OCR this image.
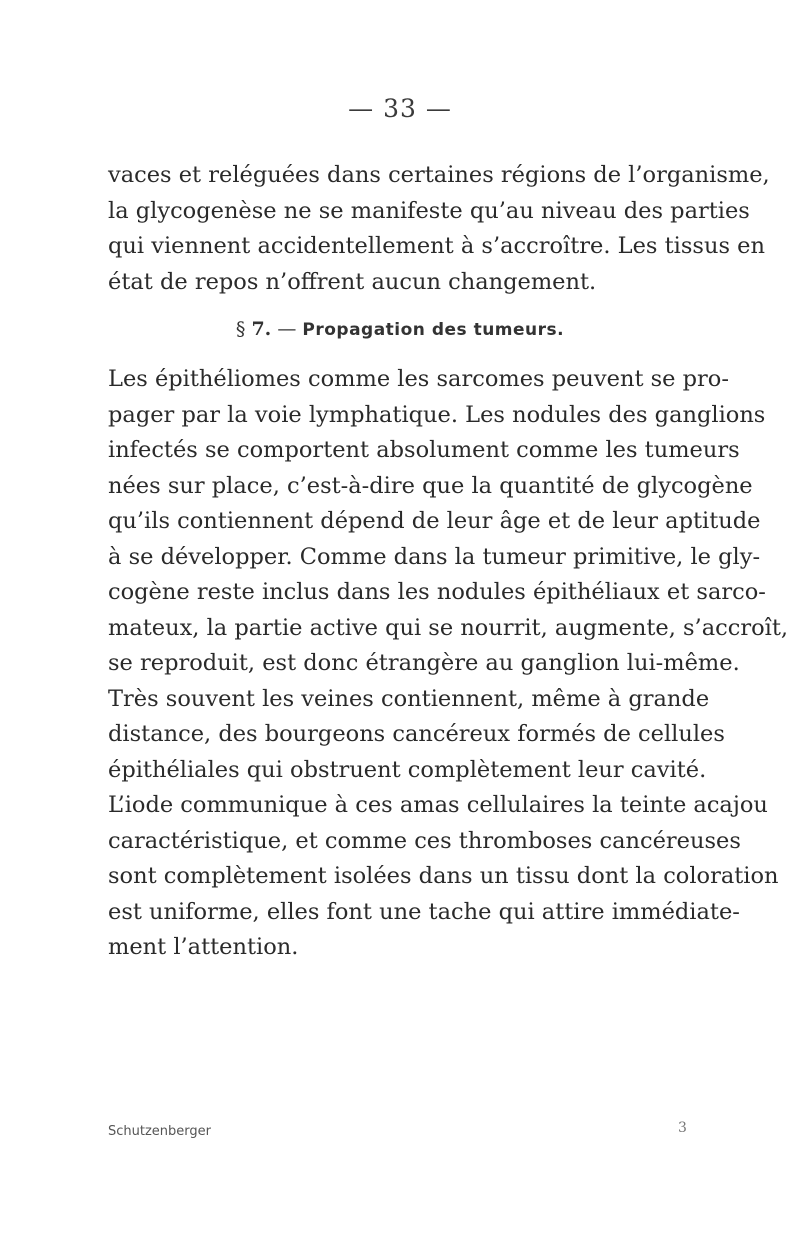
— 33 —
vaces et reléguées dans certaines régions de l’organisme,
la glycogenèse ne se manifeste qu’au niveau des parties
qui viennent accidentellement à s’accroître. Les tissus en
état de repos n’offrent aucun changement.
§ 7. — Propagation des tumeurs.
Les épithéliomes comme les sarcomes peuvent se pro-
pager par la voie lymphatique. Les nodules des ganglions
infectés se comportent absolument comme les tumeurs
nées sur place, c’est-à-dire que la quantité de glycogène
qu’ils contiennent dépend de leur âge et de leur aptitude
à se développer. Comme dans la tumeur primitive, le gly-
cogène reste inclus dans les nodules épithéliaux et sarco-
mateux, la partie active qui se nourrit, augmente, s’accroît,
se reproduit, est donc étrangère au ganglion lui-même.
Très souvent les veines contiennent, même à grande
distance, des bourgeons cancéreux formés de cellules
épithéliales qui obstruent complètement leur cavité.
L’iode communique à ces amas cellulaires la teinte acajou
caractéristique, et comme ces thromboses cancéreuses
sont complètement isolées dans un tissu dont la coloration
est uniforme, elles font une tache qui attire immédiate-
ment l’attention.
Schutzenberger	3
